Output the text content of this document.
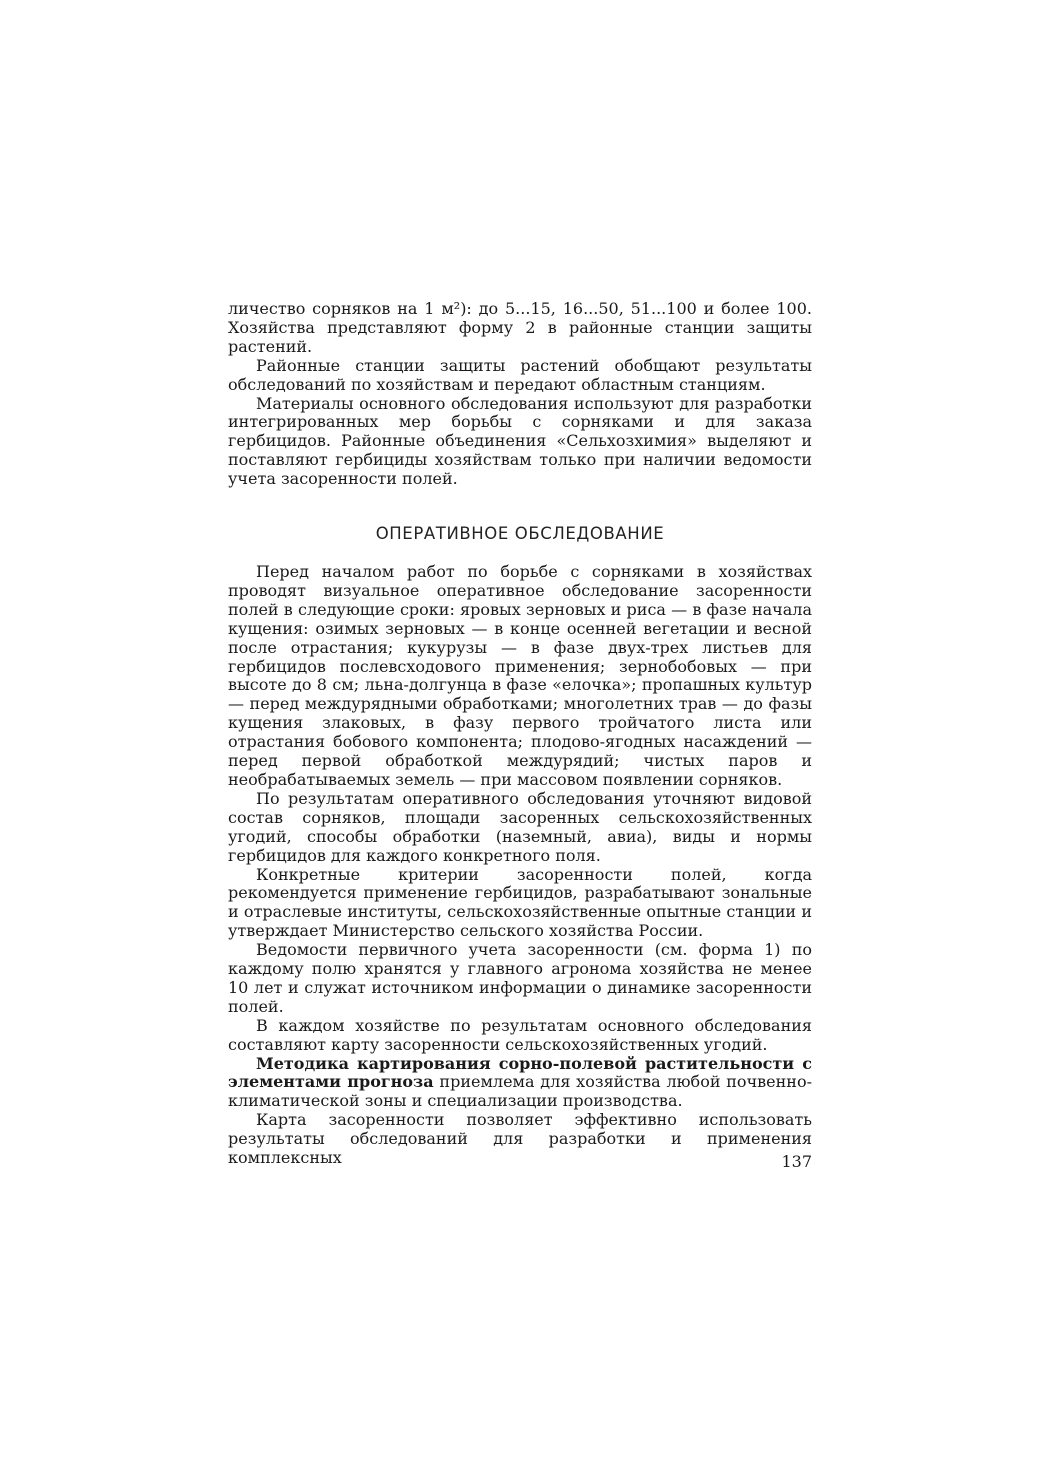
личество сорняков на 1 м²): до 5...15, 16...50, 51...100 и более 100. Хозяйства представляют форму 2 в районные станции защиты растений.

Районные станции защиты растений обобщают результаты обследований по хозяйствам и передают областным станциям.

Материалы основного обследования используют для разработки интегрированных мер борьбы с сорняками и для заказа гербицидов. Районные объединения «Сельхозхимия» выделяют и поставляют гербициды хозяйствам только при наличии ведомости учета засоренности полей.

ОПЕРАТИВНОЕ ОБСЛЕДОВАНИЕ

Перед началом работ по борьбе с сорняками в хозяйствах проводят визуальное оперативное обследование засоренности полей в следующие сроки: яровых зерновых и риса — в фазе начала кущения: озимых зерновых — в конце осенней вегетации и весной после отрастания; кукурузы — в фазе двух-трех листьев для гербицидов послевсходового применения; зернобобовых — при высоте до 8 см; льна-долгунца в фазе «елочка»; пропашных культур — перед междурядными обработками; многолетних трав — до фазы кущения злаковых, в фазу первого тройчатого листа или отрастания бобового компонента; плодово-ягодных насаждений — перед первой обработкой междурядий; чистых паров и необрабатываемых земель — при массовом появлении сорняков.

По результатам оперативного обследования уточняют видовой состав сорняков, площади засоренных сельскохозяйственных угодий, способы обработки (наземный, авиа), виды и нормы гербицидов для каждого конкретного поля.

Конкретные критерии засоренности полей, когда рекомендуется применение гербицидов, разрабатывают зональные и отраслевые институты, сельскохозяйственные опытные станции и утверждает Министерство сельского хозяйства России.

Ведомости первичного учета засоренности (см. форма 1) по каждому полю хранятся у главного агронома хозяйства не менее 10 лет и служат источником информации о динамике засоренности полей.

В каждом хозяйстве по результатам основного обследования составляют карту засоренности сельскохозяйственных угодий.

Методика картирования сорно-полевой растительности с элементами прогноза приемлема для хозяйства любой почвенно-климатической зоны и специализации производства.

Карта засоренности позволяет эффективно использовать результаты обследований для разработки и применения комплексных	137
